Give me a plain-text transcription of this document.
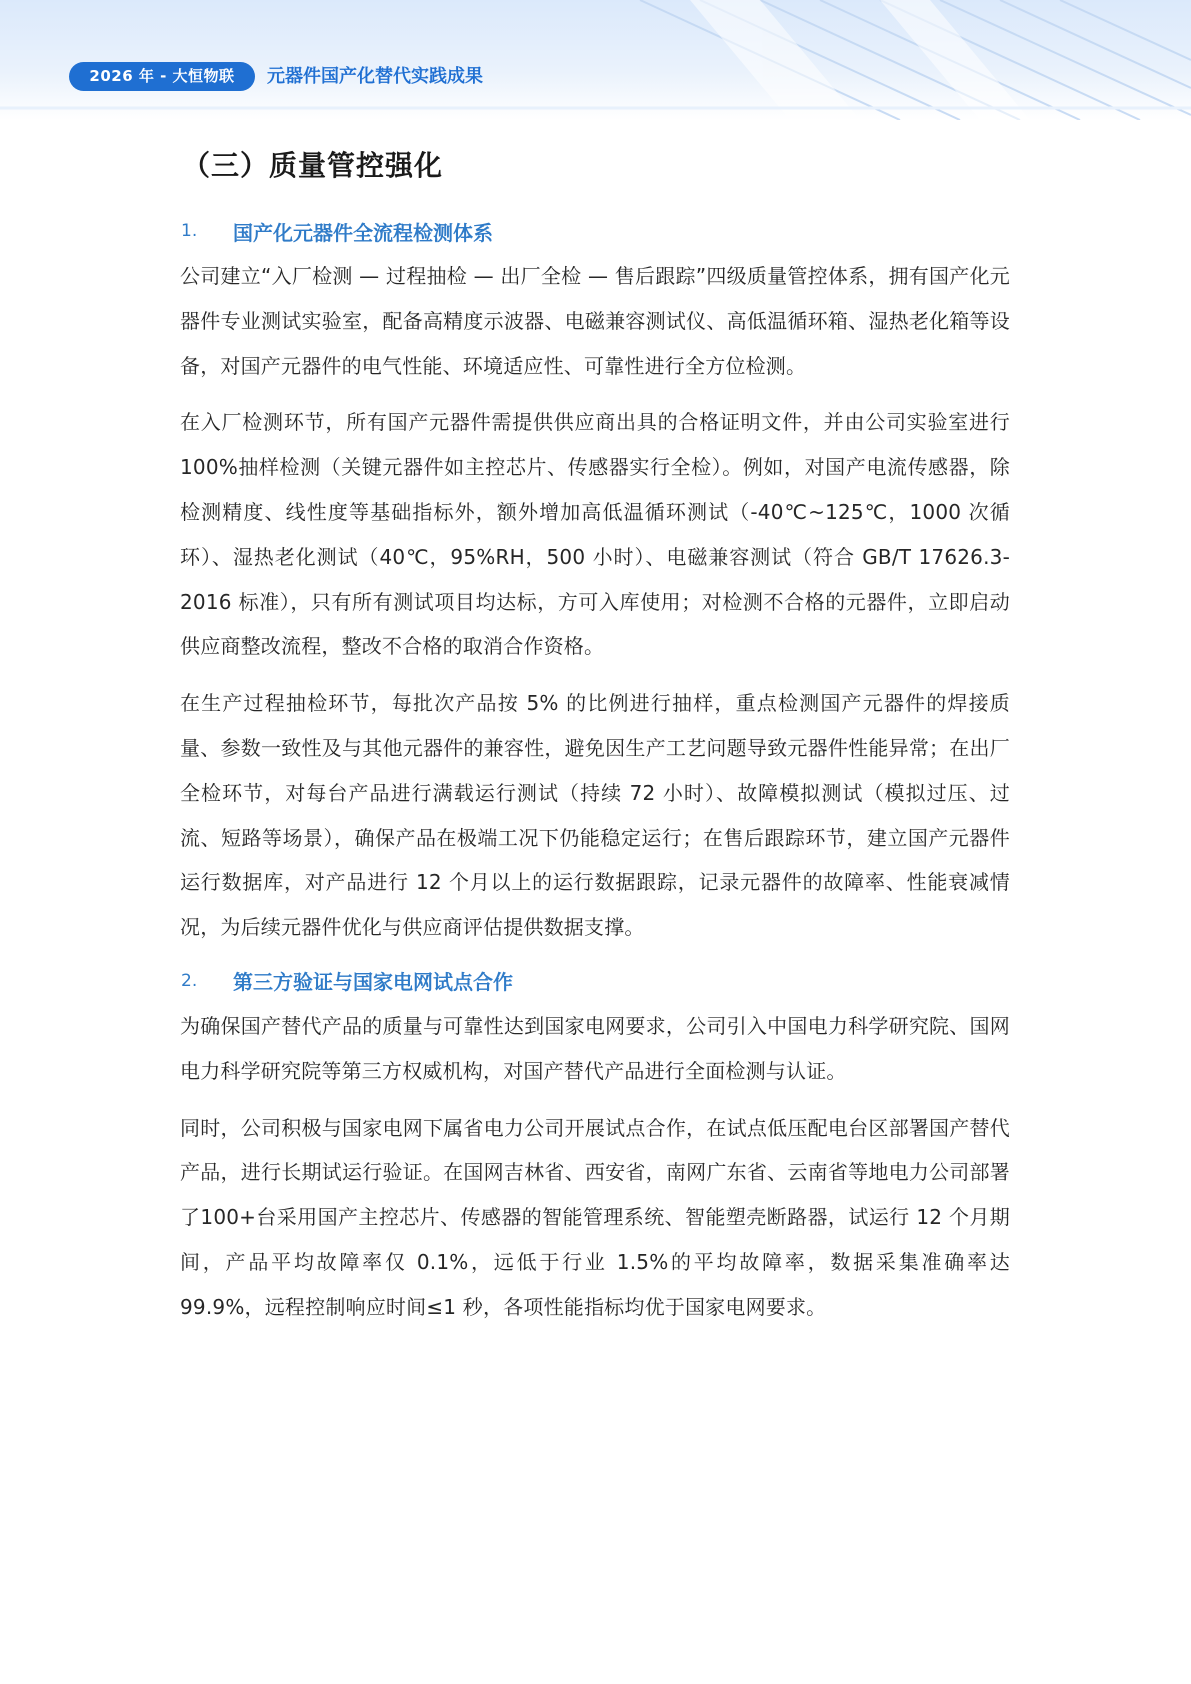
2026 年 - 大恒物联	元器件国产化替代实践成果
（三）质量管控强化
1.	国产化元器件全流程检测体系

公司建立“入厂检测 — 过程抽检 — 出厂全检 — 售后跟踪”四级质量管控体系，拥有国产化元器件专业测试实验室，配备高精度示波器、电磁兼容测试仪、高低温循环箱、湿热老化箱等设备，对国产元器件的电气性能、环境适应性、可靠性进行全方位检测。

在入厂检测环节，所有国产元器件需提供供应商出具的合格证明文件，并由公司实验室进行100%抽样检测（关键元器件如主控芯片、传感器实行全检）。例如，对国产电流传感器，除检测精度、线性度等基础指标外，额外增加高低温循环测试（-40℃~125℃，1000 次循环）、湿热老化测试（40℃，95%RH，500 小时）、电磁兼容测试（符合 GB/T 17626.3-2016 标准），只有所有测试项目均达标，方可入库使用；对检测不合格的元器件，立即启动供应商整改流程，整改不合格的取消合作资格。

在生产过程抽检环节，每批次产品按 5% 的比例进行抽样，重点检测国产元器件的焊接质量、参数一致性及与其他元器件的兼容性，避免因生产工艺问题导致元器件性能异常；在出厂全检环节，对每台产品进行满载运行测试（持续 72 小时）、故障模拟测试（模拟过压、过流、短路等场景），确保产品在极端工况下仍能稳定运行；在售后跟踪环节，建立国产元器件运行数据库，对产品进行 12 个月以上的运行数据跟踪，记录元器件的故障率、性能衰减情况，为后续元器件优化与供应商评估提供数据支撑。

2.	第三方验证与国家电网试点合作

为确保国产替代产品的质量与可靠性达到国家电网要求，公司引入中国电力科学研究院、国网电力科学研究院等第三方权威机构，对国产替代产品进行全面检测与认证。

同时，公司积极与国家电网下属省电力公司开展试点合作，在试点低压配电台区部署国产替代产品，进行长期试运行验证。在国网吉林省、西安省，南网广东省、云南省等地电力公司部署了100+台采用国产主控芯片、传感器的智能管理系统、智能塑壳断路器，试运行 12 个月期间，产品平均故障率仅 0.1%，远低于行业 1.5%的平均故障率，数据采集准确率达 99.9%，远程控制响应时间≤1 秒，各项性能指标均优于国家电网要求。
